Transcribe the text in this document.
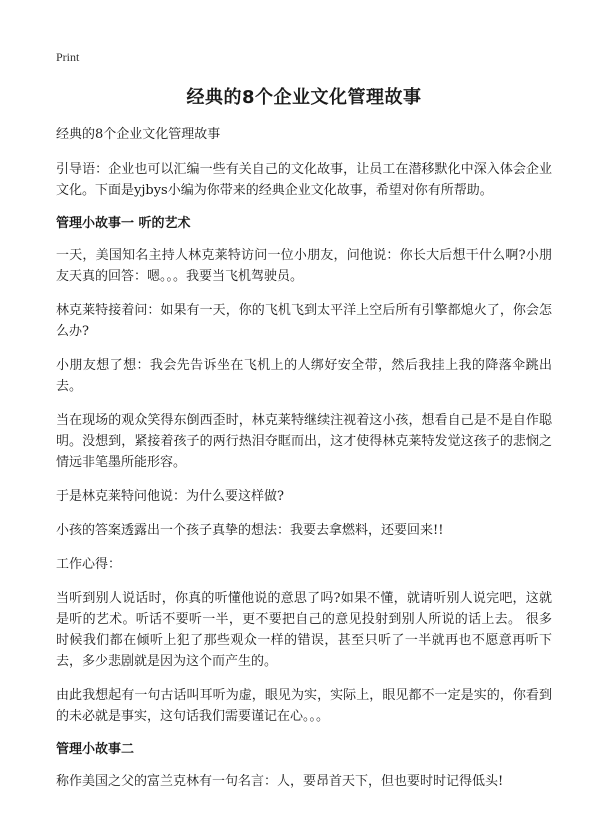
Print
经典的8个企业文化管理故事
经典的8个企业文化管理故事

引导语：企业也可以汇编一些有关自己的文化故事，让员工在潜移默化中深入体会企业文化。下面是yjbys小编为你带来的经典企业文化故事，希望对你有所帮助。

管理小故事一 听的艺术

一天，美国知名主持人林克莱特访问一位小朋友，问他说：你长大后想干什么啊?小朋友天真的回答：嗯。。。我要当飞机驾驶员。

林克莱特接着问：如果有一天，你的飞机飞到太平洋上空后所有引擎都熄火了，你会怎么办?

小朋友想了想：我会先告诉坐在飞机上的人绑好安全带，然后我挂上我的降落伞跳出去。

当在现场的观众笑得东倒西歪时，林克莱特继续注视着这小孩，想看自己是不是自作聪明。没想到，紧接着孩子的两行热泪夺眶而出，这才使得林克莱特发觉这孩子的悲悯之情远非笔墨所能形容。

于是林克莱特问他说：为什么要这样做?

小孩的答案透露出一个孩子真挚的想法：我要去拿燃料，还要回来!!

工作心得：

当听到别人说话时，你真的听懂他说的意思了吗?如果不懂，就请听别人说完吧，这就是听的艺术。听话不要听一半，更不要把自己的意见投射到别人所说的话上去。 很多时候我们都在倾听上犯了那些观众一样的错误，甚至只听了一半就再也不愿意再听下去，多少悲剧就是因为这个而产生的。

由此我想起有一句古话叫耳听为虚，眼见为实，实际上，眼见都不一定是实的，你看到的未必就是事实，这句话我们需要谨记在心。。。

管理小故事二

称作美国之父的富兰克林有一句名言：人，要昂首天下，但也要时时记得低头!
